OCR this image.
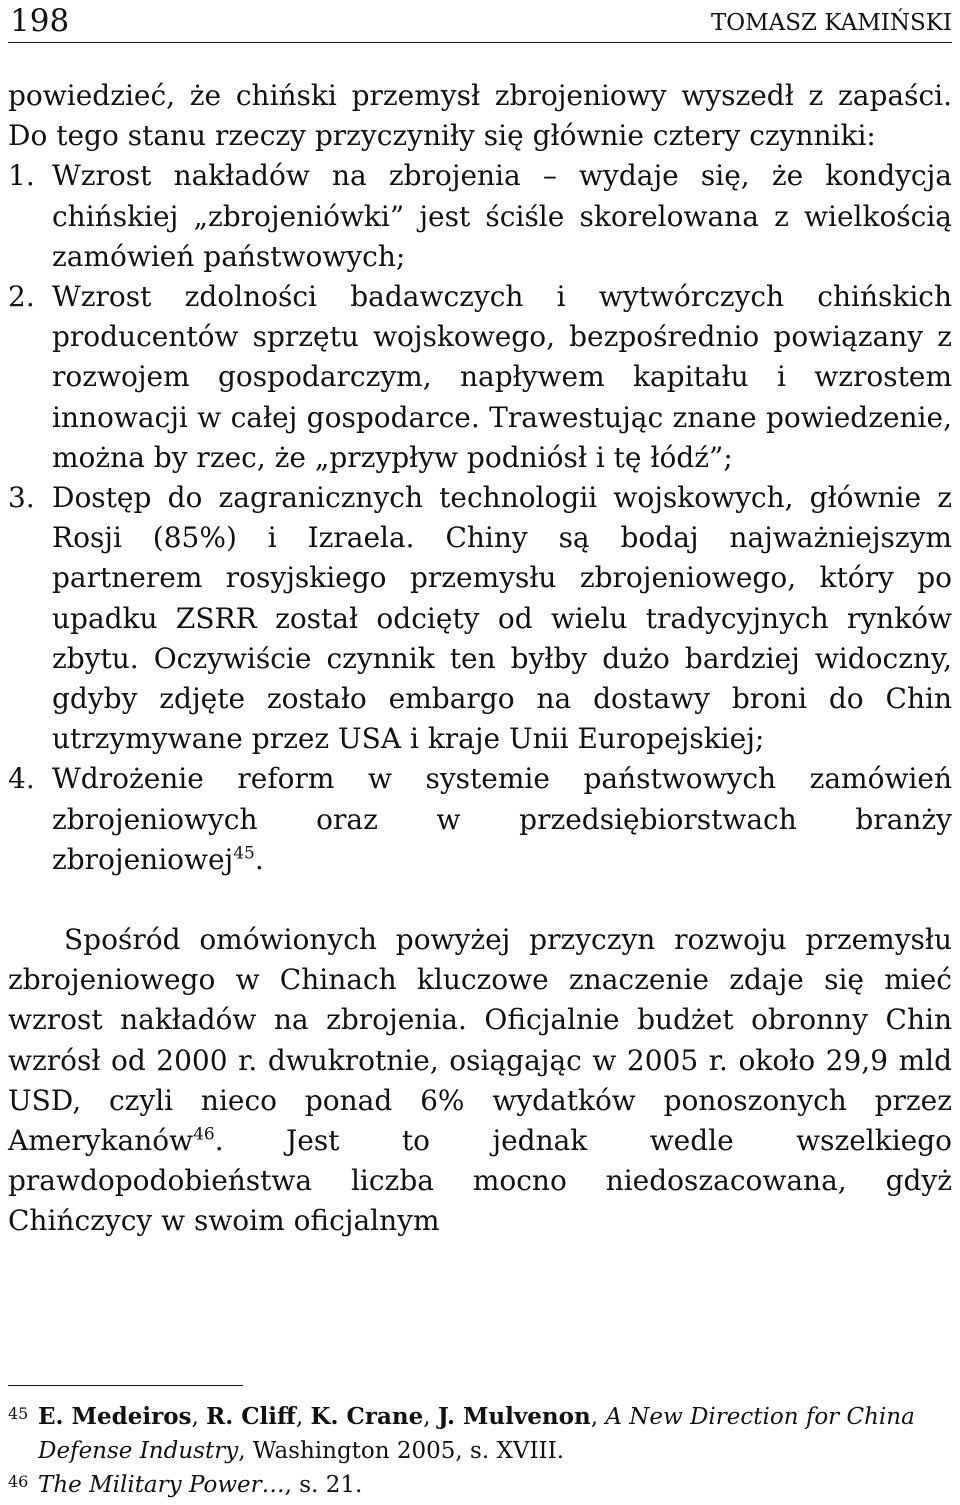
198	TOMASZ KAMIŃSKI

powiedzieć, że chiński przemysł zbrojeniowy wyszedł z zapaści. Do tego stanu rzeczy przyczyniły się głównie cztery czynniki:

1. Wzrost nakładów na zbrojenia – wydaje się, że kondycja chińskiej „zbrojeniówki” jest ściśle skorelowana z wielkością zamówień państwowych;
2. Wzrost zdolności badawczych i wytwórczych chińskich producentów sprzętu wojskowego, bezpośrednio powiązany z rozwojem gospodarczym, napływem kapitału i wzrostem innowacji w całej gospodarce. Trawestując znane powiedzenie, można by rzec, że „przypływ podniósł i tę łódź”;
3. Dostęp do zagranicznych technologii wojskowych, głównie z Rosji (85%) i Izraela. Chiny są bodaj najważniejszym partnerem rosyjskiego przemysłu zbrojeniowego, który po upadku ZSRR został odcięty od wielu tradycyjnych rynków zbytu. Oczywiście czynnik ten byłby dużo bardziej widoczny, gdyby zdjęte zostało embargo na dostawy broni do Chin utrzymywane przez USA i kraje Unii Europejskiej;
4. Wdrożenie reform w systemie państwowych zamówień zbrojeniowych oraz w przedsiębiorstwach branży zbrojeniowej$^{45}$.

Spośród omówionych powyżej przyczyn rozwoju przemysłu zbrojeniowego w Chinach kluczowe znaczenie zdaje się mieć wzrost nakładów na zbrojenia. Oficjalnie budżet obronny Chin wzrósł od 2000 r. dwukrotnie, osiągając w 2005 r. około 29,9 mld USD, czyli nieco ponad 6% wydatków ponoszonych przez Amerykanów$^{46}$. Jest to jednak wedle wszelkiego prawdopodobieństwa liczba mocno niedoszacowana, gdyż Chińczycy w swoim oficjalnym

45 E. Medeiros, R. Cliff, K. Crane, J. Mulvenon, A New Direction for China Defense Industry, Washington 2005, s. XVIII.

46 The Military Power…, s. 21.
